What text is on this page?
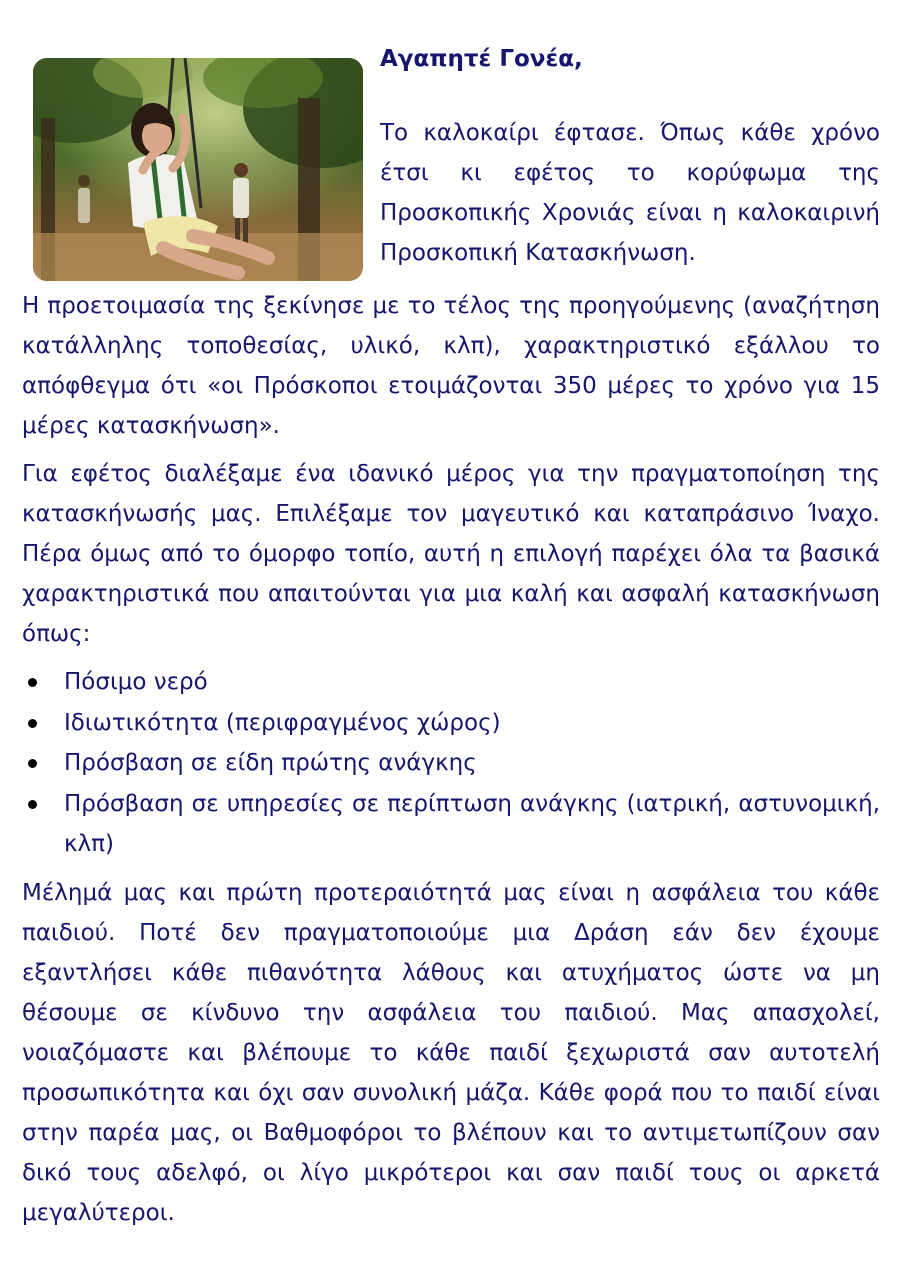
Αγαπητέ Γονέα,

Το καλοκαίρι έφτασε. Όπως κάθε χρόνο έτσι κι εφέτος το κορύφωμα της Προσκοπικής Χρονιάς είναι η καλοκαιρινή Προσκοπική Κατασκήνωση.

Η προετοιμασία της ξεκίνησε με το τέλος της προηγούμενης (αναζήτηση κατάλληλης τοποθεσίας, υλικό, κλπ), χαρακτηριστικό εξάλλου το απόφθεγμα ότι «οι Πρόσκοποι ετοιμάζονται 350 μέρες το χρόνο για 15 μέρες κατασκήνωση».

Για εφέτος διαλέξαμε ένα ιδανικό μέρος για την πραγματοποίηση της κατασκήνωσής μας. Επιλέξαμε τον μαγευτικό και καταπράσινο Ίναχο. Πέρα όμως από το όμορφο τοπίο, αυτή η επιλογή παρέχει όλα τα βασικά χαρακτηριστικά που απαιτούνται για μια καλή και ασφαλή κατασκήνωση όπως:

Πόσιμο νερό
Ιδιωτικότητα (περιφραγμένος χώρος)
Πρόσβαση σε είδη πρώτης ανάγκης
Πρόσβαση σε υπηρεσίες σε περίπτωση ανάγκης (ιατρική, αστυνομική, κλπ)

Μέλημά μας και πρώτη προτεραιότητά μας είναι η ασφάλεια του κάθε παιδιού. Ποτέ δεν πραγματοποιούμε μια Δράση εάν δεν έχουμε εξαντλήσει κάθε πιθανότητα λάθους και ατυχήματος ώστε να μη θέσουμε σε κίνδυνο την ασφάλεια του παιδιού. Μας απασχολεί, νοιαζόμαστε και βλέπουμε το κάθε παιδί ξεχωριστά σαν αυτοτελή προσωπικότητα και όχι σαν συνολική μάζα. Κάθε φορά που το παιδί είναι στην παρέα μας, οι Βαθμοφόροι το βλέπουν και το αντιμετωπίζουν σαν δικό τους αδελφό, οι λίγο μικρότεροι και σαν παιδί τους οι αρκετά μεγαλύτεροι.
